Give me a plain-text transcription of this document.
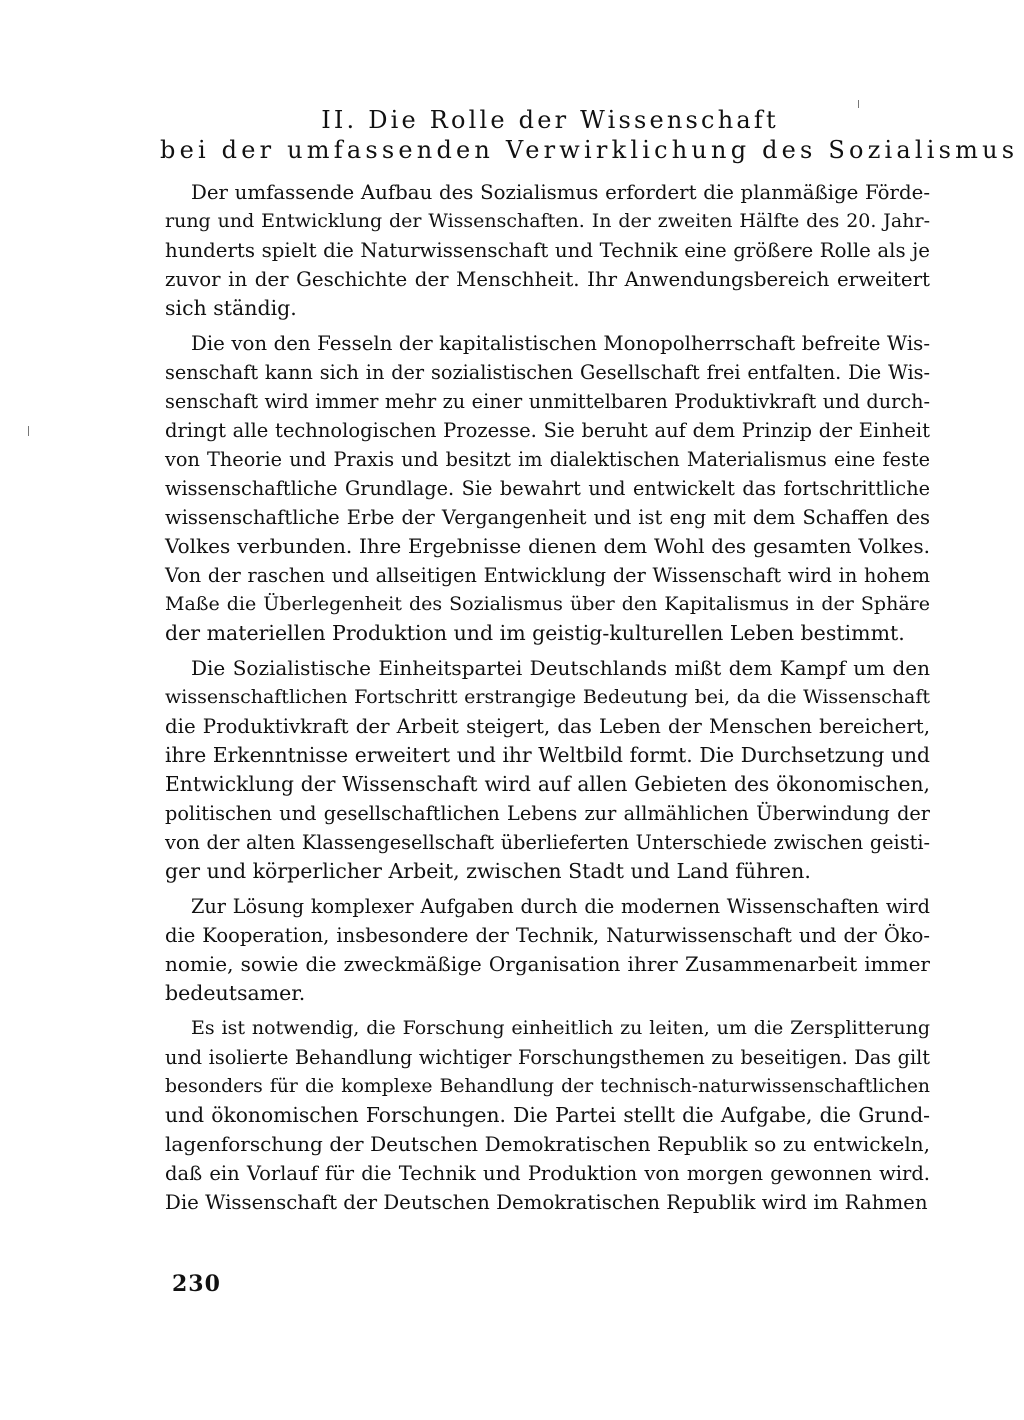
II. Die Rolle der Wissenschaft
bei der umfassenden Verwirklichung des Sozialismus
Der umfassende Aufbau des Sozialismus erfordert die planmäßige Förde-
rung und Entwicklung der Wissenschaften. In der zweiten Hälfte des 20. Jahr-
hunderts spielt die Naturwissenschaft und Technik eine größere Rolle als je
zuvor in der Geschichte der Menschheit. Ihr Anwendungsbereich erweitert
sich ständig.
Die von den Fesseln der kapitalistischen Monopolherrschaft befreite Wis-
senschaft kann sich in der sozialistischen Gesellschaft frei entfalten. Die Wis-
senschaft wird immer mehr zu einer unmittelbaren Produktivkraft und durch-
dringt alle technologischen Prozesse. Sie beruht auf dem Prinzip der Einheit
von Theorie und Praxis und besitzt im dialektischen Materialismus eine feste
wissenschaftliche Grundlage. Sie bewahrt und entwickelt das fortschrittliche
wissenschaftliche Erbe der Vergangenheit und ist eng mit dem Schaffen des
Volkes verbunden. Ihre Ergebnisse dienen dem Wohl des gesamten Volkes.
Von der raschen und allseitigen Entwicklung der Wissenschaft wird in hohem
Maße die Überlegenheit des Sozialismus über den Kapitalismus in der Sphäre
der materiellen Produktion und im geistig-kulturellen Leben bestimmt.
Die Sozialistische Einheitspartei Deutschlands mißt dem Kampf um den
wissenschaftlichen Fortschritt erstrangige Bedeutung bei, da die Wissenschaft
die Produktivkraft der Arbeit steigert, das Leben der Menschen bereichert,
ihre Erkenntnisse erweitert und ihr Weltbild formt. Die Durchsetzung und
Entwicklung der Wissenschaft wird auf allen Gebieten des ökonomischen,
politischen und gesellschaftlichen Lebens zur allmählichen Überwindung der
von der alten Klassengesellschaft überlieferten Unterschiede zwischen geisti-
ger und körperlicher Arbeit, zwischen Stadt und Land führen.
Zur Lösung komplexer Aufgaben durch die modernen Wissenschaften wird
die Kooperation, insbesondere der Technik, Naturwissenschaft und der Öko-
nomie, sowie die zweckmäßige Organisation ihrer Zusammenarbeit immer
bedeutsamer.
Es ist notwendig, die Forschung einheitlich zu leiten, um die Zersplitterung
und isolierte Behandlung wichtiger Forschungsthemen zu beseitigen. Das gilt
besonders für die komplexe Behandlung der technisch-naturwissenschaftlichen
und ökonomischen Forschungen. Die Partei stellt die Aufgabe, die Grund-
lagenforschung der Deutschen Demokratischen Republik so zu entwickeln,
daß ein Vorlauf für die Technik und Produktion von morgen gewonnen wird.
Die Wissenschaft der Deutschen Demokratischen Republik wird im Rahmen
230
